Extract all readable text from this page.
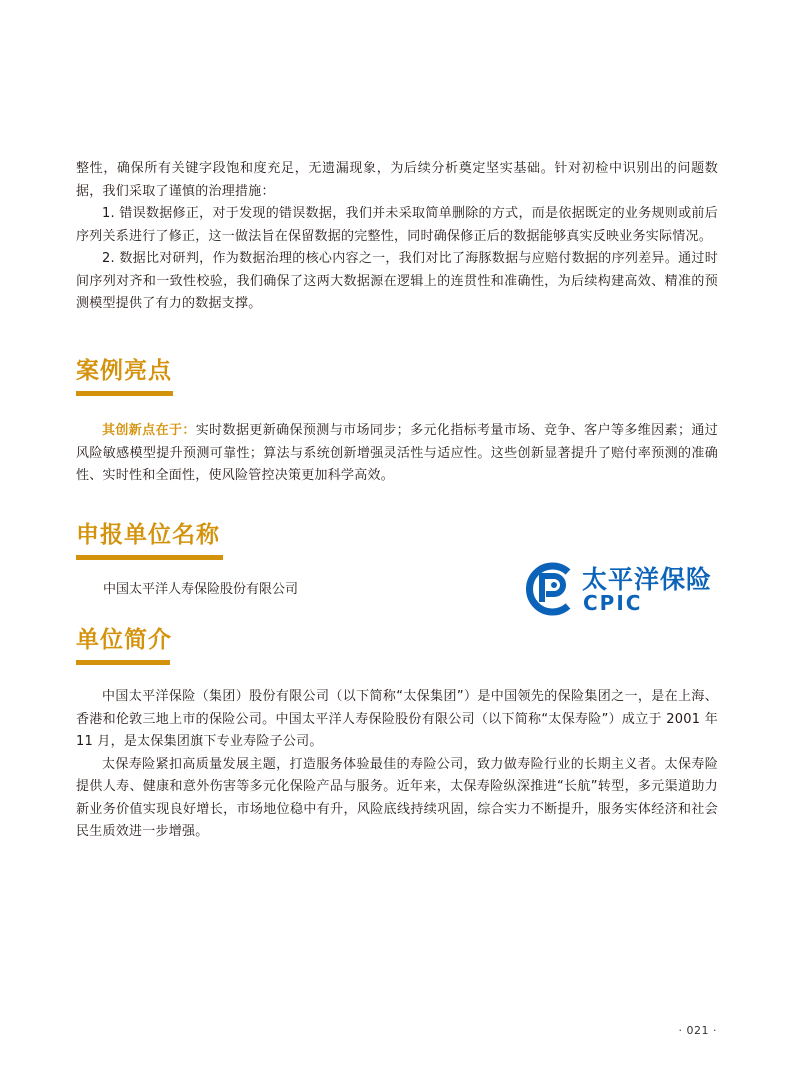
整性，确保所有关键字段饱和度充足，无遗漏现象，为后续分析奠定坚实基础。针对初检中识别出的问题数据，我们采取了谨慎的治理措施：

1. 错误数据修正，对于发现的错误数据，我们并未采取简单删除的方式，而是依据既定的业务规则或前后序列关系进行了修正，这一做法旨在保留数据的完整性，同时确保修正后的数据能够真实反映业务实际情况。

2. 数据比对研判，作为数据治理的核心内容之一，我们对比了海豚数据与应赔付数据的序列差异。通过时间序列对齐和一致性校验，我们确保了这两大数据源在逻辑上的连贯性和准确性，为后续构建高效、精准的预测模型提供了有力的数据支撑。

案例亮点

其创新点在于：实时数据更新确保预测与市场同步；多元化指标考量市场、竞争、客户等多维因素；通过风险敏感模型提升预测可靠性；算法与系统创新增强灵活性与适应性。这些创新显著提升了赔付率预测的准确性、实时性和全面性，使风险管控决策更加科学高效。

申报单位名称

中国太平洋人寿保险股份有限公司	太平洋保险
CPIC
单位简介

中国太平洋保险（集团）股份有限公司（以下简称“太保集团”）是中国领先的保险集团之一，是在上海、香港和伦敦三地上市的保险公司。中国太平洋人寿保险股份有限公司（以下简称“太保寿险”）成立于 2001 年 11 月，是太保集团旗下专业寿险子公司。

太保寿险紧扣高质量发展主题，打造服务体验最佳的寿险公司，致力做寿险行业的长期主义者。太保寿险提供人寿、健康和意外伤害等多元化保险产品与服务。近年来，太保寿险纵深推进“长航”转型，多元渠道助力新业务价值实现良好增长，市场地位稳中有升，风险底线持续巩固，综合实力不断提升，服务实体经济和社会民生质效进一步增强。

· 021 ·
